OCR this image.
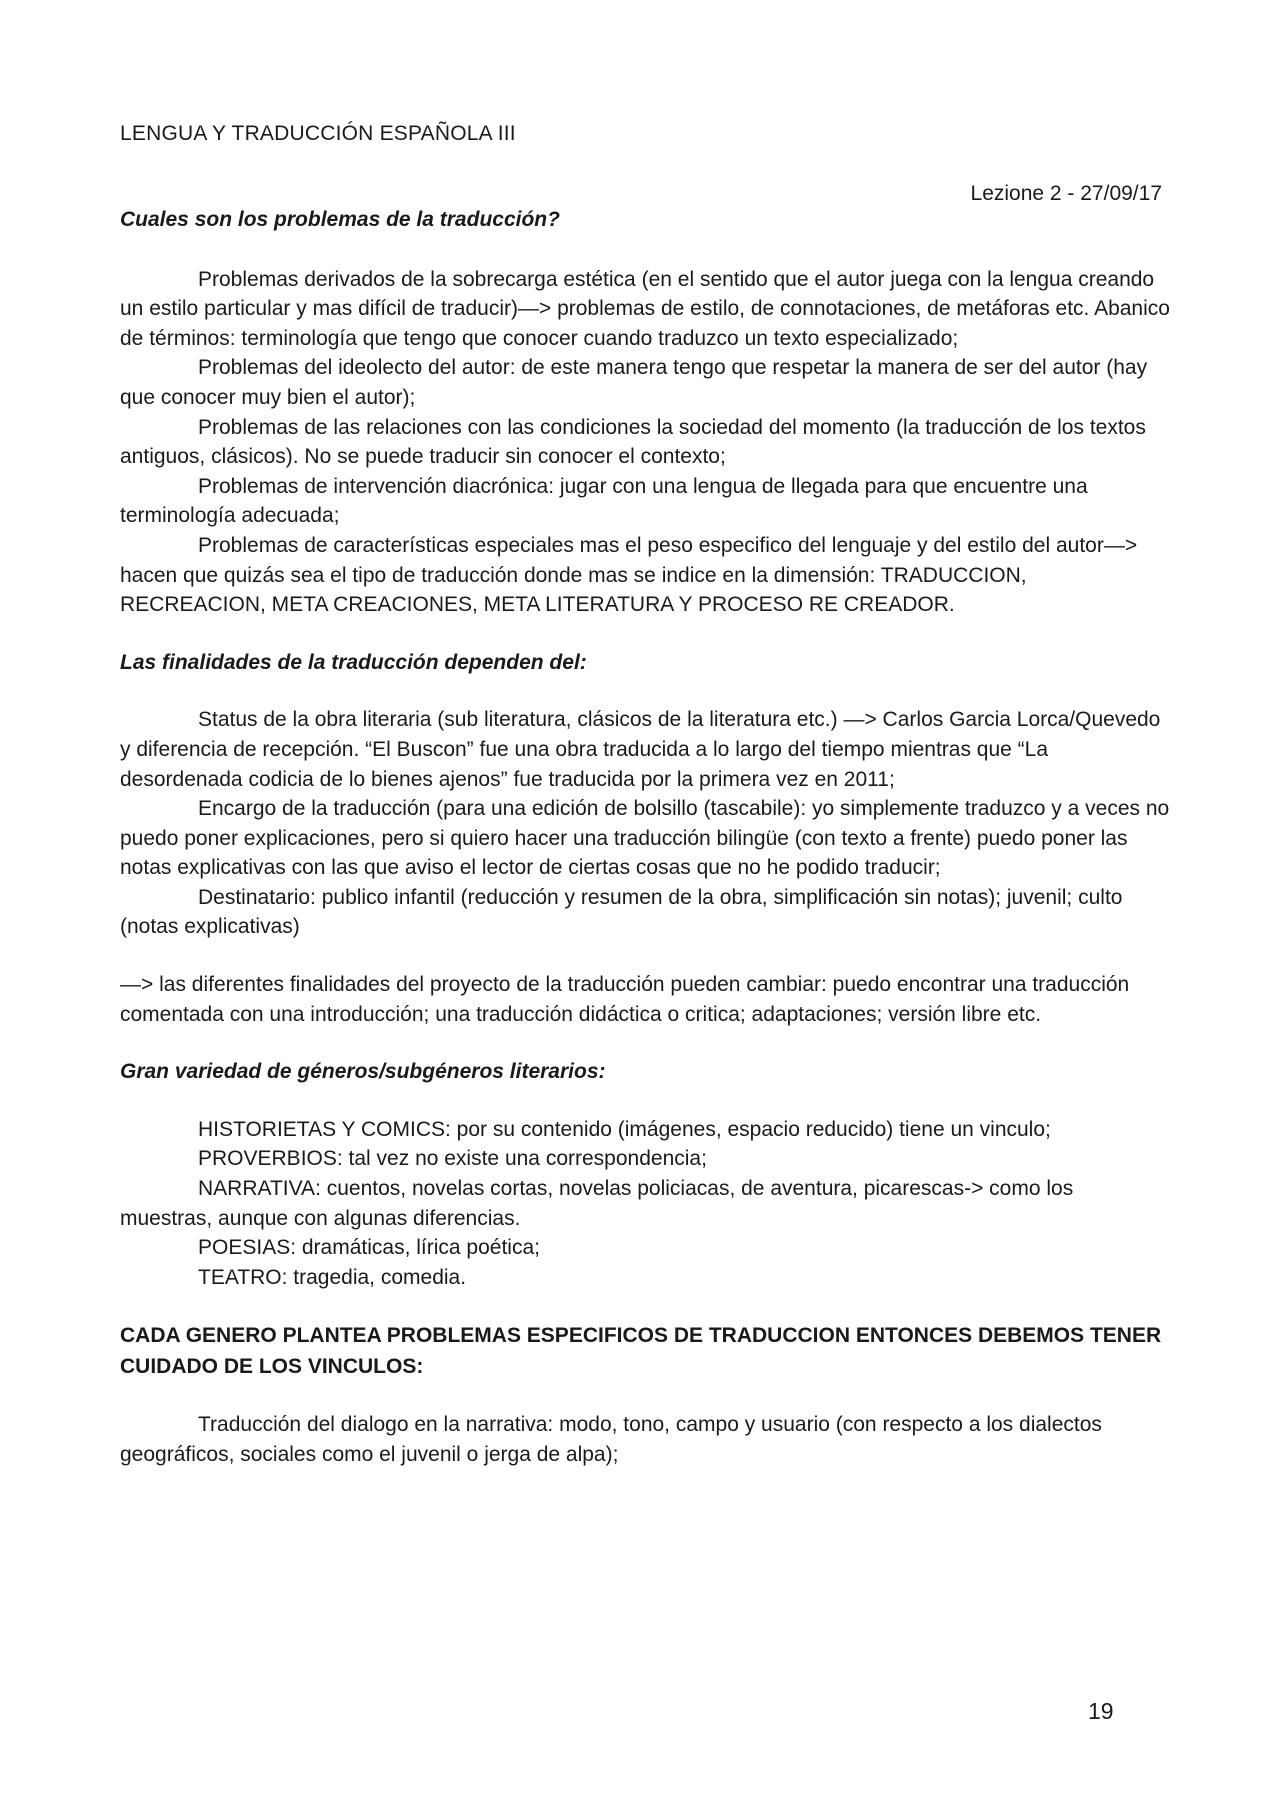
LENGUA Y TRADUCCIÓN ESPAÑOLA III
Lezione 2 - 27/09/17

Cuales son los problemas de la traducción?

Problemas derivados de la sobrecarga estética (en el sentido que el autor juega con la lengua creando un estilo particular y mas difícil de traducir)—> problemas de estilo, de connotaciones, de metáforas etc. Abanico de términos: terminología que tengo que conocer cuando traduzco un texto especializado;

Problemas del ideolecto del autor: de este manera tengo que respetar la manera de ser del autor (hay que conocer muy bien el autor);

Problemas de las relaciones con las condiciones la sociedad del momento (la traducción de los textos antiguos, clásicos). No se puede traducir sin conocer el contexto;

Problemas de intervención diacrónica: jugar con una lengua de llegada para que encuentre una terminología adecuada;

Problemas de características especiales mas el peso especifico del lenguaje y del estilo del autor—> hacen que quizás sea el tipo de traducción donde mas se indice en la dimensión: TRADUCCION, RECREACION, META CREACIONES, META LITERATURA Y PROCESO RE CREADOR.

Las finalidades de la traducción dependen del:

Status de la obra literaria (sub literatura, clásicos de la literatura etc.) —> Carlos Garcia Lorca/Quevedo y diferencia de recepción. “El Buscon” fue una obra traducida a lo largo del tiempo mientras que “La desordenada codicia de lo bienes ajenos” fue traducida por la primera vez en 2011;

Encargo de la traducción (para una edición de bolsillo (tascabile): yo simplemente traduzco y a veces no puedo poner explicaciones, pero si quiero hacer una traducción bilingüe (con texto a frente) puedo poner las notas explicativas con las que aviso el lector de ciertas cosas que no he podido traducir;

Destinatario: publico infantil (reducción y resumen de la obra, simplificación sin notas); juvenil; culto (notas explicativas)

—> las diferentes finalidades del proyecto de la traducción pueden cambiar: puedo encontrar una traducción comentada con una introducción; una traducción didáctica o critica; adaptaciones; versión libre etc.

Gran variedad de géneros/subgéneros literarios:

HISTORIETAS Y COMICS: por su contenido (imágenes, espacio reducido) tiene un vinculo;

PROVERBIOS: tal vez no existe una correspondencia;

NARRATIVA: cuentos, novelas cortas, novelas policiacas, de aventura, picarescas-> como los muestras, aunque con algunas diferencias.

POESIAS: dramáticas, lírica poética;

TEATRO: tragedia, comedia.

CADA GENERO PLANTEA PROBLEMAS ESPECIFICOS DE TRADUCCION ENTONCES DEBEMOS TENER CUIDADO DE LOS VINCULOS:

Traducción del dialogo en la narrativa: modo, tono, campo y usuario (con respecto a los dialectos geográficos, sociales como el juvenil o jerga de alpa);

19
